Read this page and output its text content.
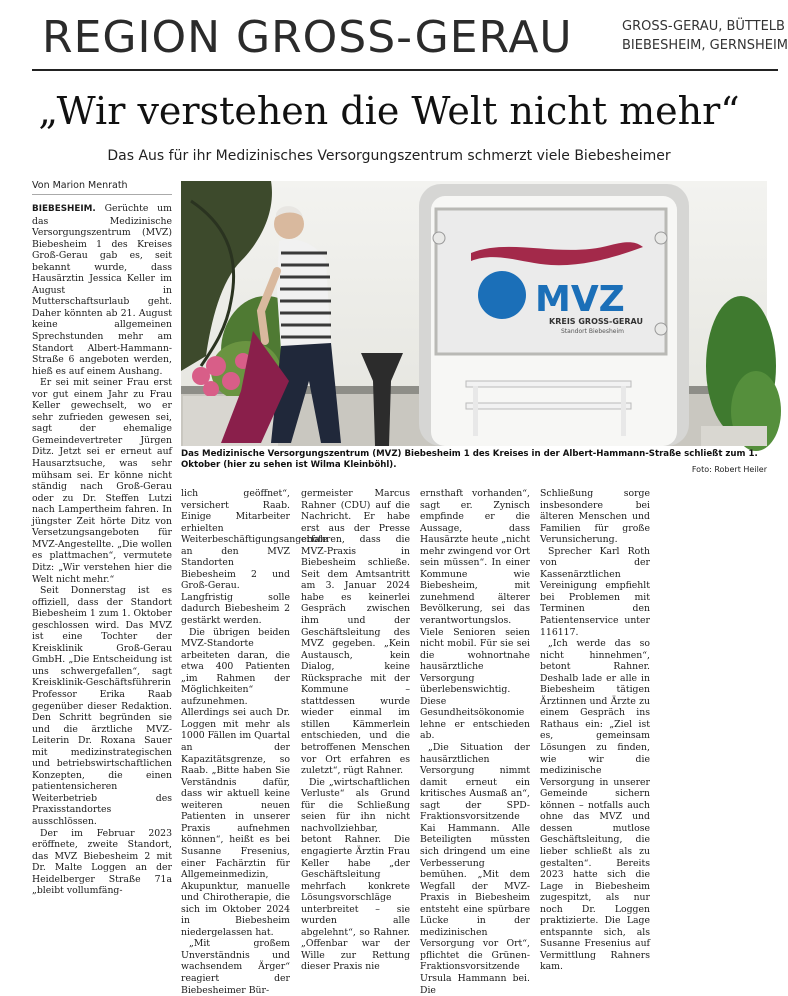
REGION GROSS-GERAU	GROSS-GERAU, BÜTTELB
BIEBESHEIM, GERNSHEIM
„Wir verstehen die Welt nicht mehr“
Das Aus für ihr Medizinisches Versorgungszentrum schmerzt viele Biebesheimer
Von Marion Menrath

BIEBESHEIM. Gerüchte um das Medizinische Versorgungszentrum (MVZ) Biebesheim 1 des Kreises Groß-Gerau gab es, seit bekannt wurde, dass Hausärztin Jessica Keller im August in Mutterschaftsurlaub geht. Daher könnten ab 21. August keine allgemeinen Sprechstunden mehr am Standort Albert-Hammann-Straße 6 angeboten werden, hieß es auf einem Aushang.

Er sei mit seiner Frau erst vor gut einem Jahr zu Frau Keller gewechselt, wo er sehr zufrieden gewesen sei, sagt der ehemalige Gemeindevertreter Jürgen Ditz. Jetzt sei er erneut auf Hausarztsuche, was sehr mühsam sei. Er könne nicht ständig nach Groß-Gerau oder zu Dr. Steffen Lutzi nach Lampertheim fahren. In jüngster Zeit hörte Ditz von Versetzungsangeboten für MVZ-Angestellte. „Die wollen es plattmachen“, vermutete Ditz: „Wir verstehen hier die Welt nicht mehr.“

Seit Donnerstag ist es offiziell, dass der Standort Biebesheim 1 zum 1. Oktober geschlossen wird. Das MVZ ist eine Tochter der Kreisklinik Groß-Gerau GmbH. „Die Entscheidung ist uns schwergefallen“, sagt Kreisklinik-Geschäftsführerin Professor Erika Raab gegenüber dieser Redaktion. Den Schritt begründen sie und die ärztliche MVZ-Leiterin Dr. Roxana Sauer mit medizinstrategischen und betriebswirtschaftlichen Konzepten, die einen patientensicheren Weiterbetrieb des Praxisstandortes ausschlössen.

Der im Februar 2023 eröffnete, zweite Standort, das MVZ Biebesheim 2 mit Dr. Malte Loggen an der Heidelberger Straße 71a „bleibt vollumfäng-

MVZ
KREIS GROSS-GERAU
Standort Biebesheim
Das Medizinische Versorgungszentrum (MVZ) Biebesheim 1 des Kreises in der Albert-Hammann-Straße schließt zum 1. Oktober (hier zu sehen ist Wilma Kleinböhl).	Foto: Robert Heiler

lich geöffnet“, versichert Raab. Einige Mitarbeiter erhielten Weiterbeschäftigungsangebote an den MVZ Standorten Biebesheim 2 und Groß-Gerau. Langfristig solle dadurch Biebesheim 2 gestärkt werden.

Die übrigen beiden MVZ-Standorte arbeiteten daran, die etwa 400 Patienten „im Rahmen der Möglichkeiten“ aufzunehmen. Allerdings sei auch Dr. Loggen mit mehr als 1000 Fällen im Quartal an der Kapazitätsgrenze, so Raab. „Bitte haben Sie Verständnis dafür, dass wir aktuell keine weiteren neuen Patienten in unserer Praxis aufnehmen können“, heißt es bei Susanne Fresenius, einer Fachärztin für Allgemeinmedizin, Akupunktur, manuelle und Chirotherapie, die sich im Oktober 2024 in Biebesheim niedergelassen hat.

„Mit großem Unverständnis und wachsendem Ärger“ reagiert der Biebesheimer Bür-

germeister Marcus Rahner (CDU) auf die Nachricht. Er habe erst aus der Presse erfahren, dass die MVZ-Praxis in Biebesheim schließe. Seit dem Amtsantritt am 3. Januar 2024 habe es keinerlei Gespräch zwischen ihm und der Geschäftsleitung des MVZ gegeben. „Kein Austausch, kein Dialog, keine Rücksprache mit der Kommune – stattdessen wurde wieder einmal im stillen Kämmerlein entschieden, und die betroffenen Menschen vor Ort erfahren es zuletzt“, rügt Rahner.

Die „wirtschaftlichen Verluste“ als Grund für die Schließung seien für ihn nicht nachvollziehbar, betont Rahner. Die engagierte Ärztin Frau Keller habe „der Geschäftsleitung mehrfach konkrete Lösungsvorschläge unterbreitet – sie wurden alle abgelehnt“, so Rahner. „Offenbar war der Wille zur Rettung dieser Praxis nie

ernsthaft vorhanden“, sagt er. Zynisch empfinde er die Aussage, dass Hausärzte heute „nicht mehr zwingend vor Ort sein müssen“. In einer Kommune wie Biebesheim, mit zunehmend älterer Bevölkerung, sei das verantwortungslos. Viele Senioren seien nicht mobil. Für sie sei die wohnortnahe hausärztliche Versorgung überlebenswichtig. Diese Gesundheitsökonomie lehne er entschieden ab.

„Die Situation der hausärztlichen Versorgung nimmt damit erneut ein kritisches Ausmaß an“, sagt der SPD-Fraktionsvorsitzende Kai Hammann. Alle Beteiligten müssten sich dringend um eine Verbesserung bemühen. „Mit dem Wegfall der MVZ-Praxis in Biebesheim entsteht eine spürbare Lücke in der medizinischen Versorgung vor Ort“, pflichtet die Grünen-Fraktionsvorsitzende Ursula Hammann bei. Die

Schließung sorge insbesondere bei älteren Menschen und Familien für große Verunsicherung.

Sprecher Karl Roth von der Kassenärztlichen Vereinigung empfiehlt bei Problemen mit Terminen den Patientenservice unter 116117.

„Ich werde das so nicht hinnehmen“, betont Rahner. Deshalb lade er alle in Biebesheim tätigen Ärztinnen und Ärzte zu einem Gespräch ins Rathaus ein: „Ziel ist es, gemeinsam Lösungen zu finden, wie wir die medizinische Versorgung in unserer Gemeinde sichern können – notfalls auch ohne das MVZ und dessen mutlose Geschäftsleitung, die lieber schließt als zu gestalten“. Bereits 2023 hatte sich die Lage in Biebesheim zugespitzt, als nur noch Dr. Loggen praktizierte. Die Lage entspannte sich, als Susanne Fresenius auf Vermittlung Rahners kam.
